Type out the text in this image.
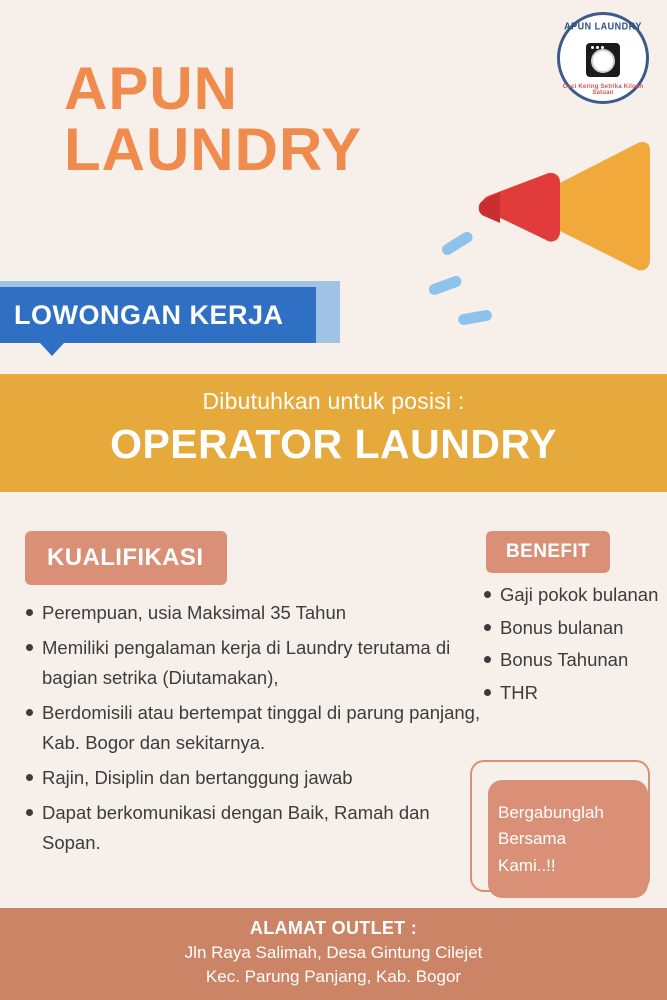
APUN LAUNDRY
Cuci Kering Setrika Kiloan Satuan
APUN
LAUNDRY
LOWONGAN KERJA
Dibutuhkan untuk posisi :
OPERATOR LAUNDRY
KUALIFIKASI
Perempuan, usia Maksimal 35 Tahun
Memiliki pengalaman kerja di Laundry terutama di bagian setrika (Diutamakan),
Berdomisili atau bertempat tinggal di parung panjang, Kab. Bogor dan sekitarnya.
Rajin, Disiplin dan bertanggung jawab
Dapat berkomunikasi dengan Baik, Ramah dan Sopan.
BENEFIT
Gaji pokok bulanan
Bonus bulanan
Bonus Tahunan
THR
Bergabunglah
Bersama
Kami..!!
ALAMAT OUTLET :
Jln Raya Salimah, Desa Gintung Cilejet
Kec. Parung Panjang, Kab. Bogor
